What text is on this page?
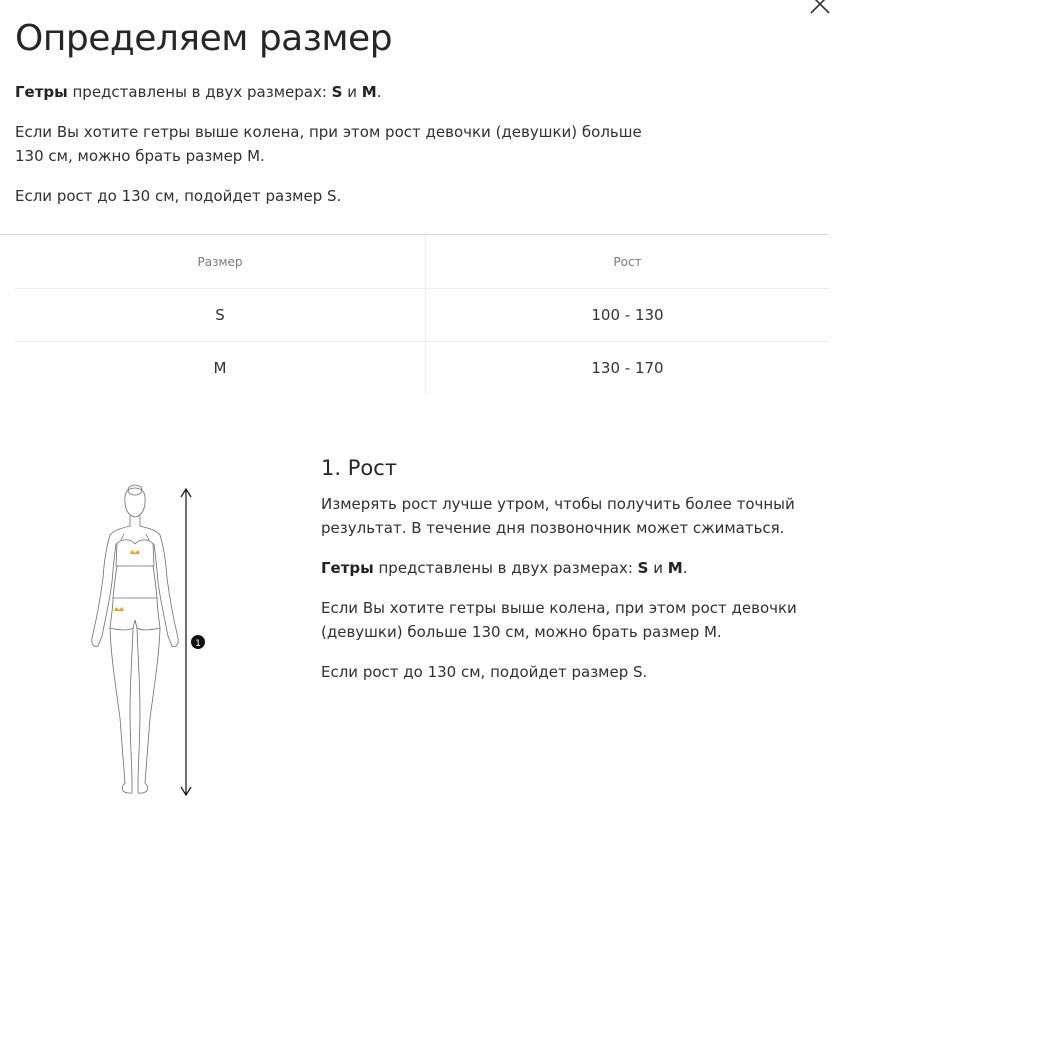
Определяем размер

Гетры представлены в двух размерах: S и M.

Если Вы хотите гетры выше колена, при этом рост девочки (девушки) больше 130 см, можно брать размер M.

Если рост до 130 см, подойдет размер S.

Размер	Рост
S	100 - 130
M	130 - 170
1
1. Рост

Измерять рост лучше утром, чтобы получить более точный результат. В течение дня позвоночник может сжиматься.

Гетры представлены в двух размерах: S и M.

Если Вы хотите гетры выше колена, при этом рост девочки (девушки) больше 130 см, можно брать размер M.

Если рост до 130 см, подойдет размер S.
